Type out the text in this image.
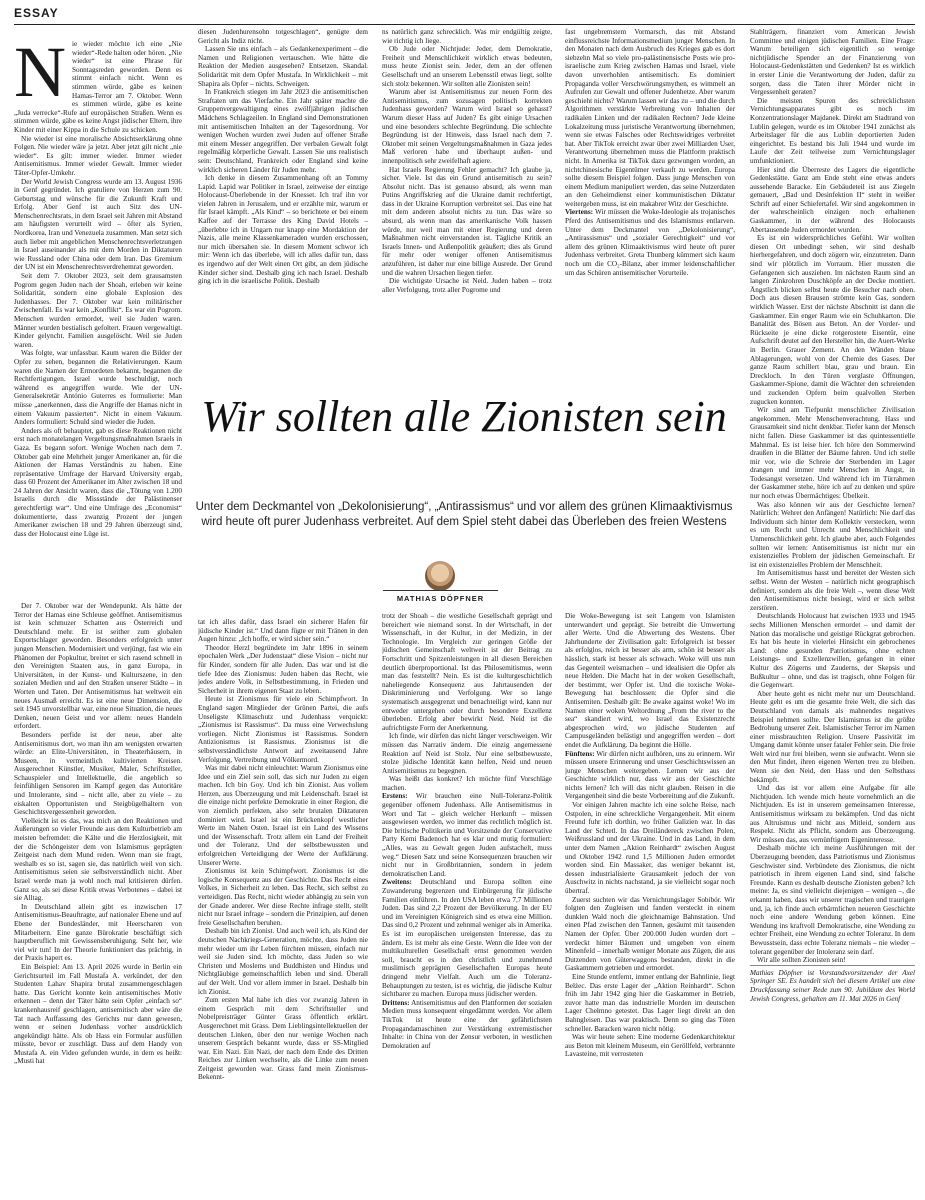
ESSAY
N ie wieder möchte ich eine „Nie wieder“-Rede halten oder hören. „Nie wieder“ ist eine Phrase für Sonntagsreden geworden. Denn es stimmt einfach nicht. Wenn es stimmen würde, gäbe es keinen Hamas-Terror am 7. Oktober. Wenn es stimmen würde, gäbe es keine „Juda verrecke“-Rufe auf europäischen Straßen. Wenn es stimmen würde, gäbe es keine Angst jüdischer Eltern, ihre Kinder mit einer Kippa in die Schule zu schicken.

Nie wieder ist eine moralische Absichtserklärung ohne Folgen. Nie wieder wäre ja jetzt. Aber jetzt gilt nicht „nie wieder“. Es gilt: immer wieder. Immer wieder Antisemitismus. Immer wieder Gewalt. Immer wieder Täter-Opfer-Umkehr.

Der World Jewish Congress wurde am 13. August 1936 in Genf gegründet. Ich gratuliere von Herzen zum 90. Geburtstag und wünsche für die Zukunft Kraft und Erfolg. Aber Genf ist auch Sitz des UN-Menschenrechtsrats, in dem Israel seit Jahren mit Abstand am häufigsten verurteilt wird – öfter als Syrien, Nordkorea, Iran und Venezuela zusammen. Man setzt sich auch lieber mit angeblichen Menschenrechtsverletzungen in Israel auseinander als mit dem Morden in Diktaturen wie Russland oder China oder dem Iran. Das Gremium der UN ist ein Menschenrechtsverdrehemrat geworden.

Seit dem 7. Oktober 2023, seit dem grausamsten Pogrom gegen Juden nach der Shoah, erleben wir keine Solidarität, sondern eine globale Explosion des Judenhasses. Der 7. Oktober war kein militärischer Zwischenfall. Es war kein „Konflikt“. Es war ein Pogrom. Menschen wurden ermordet, weil sie Juden waren. Männer wurden bestialisch gefoltert. Frauen vergewaltigt. Kinder gelyncht. Familien ausgelöscht. Weil sie Juden waren.

Was folgte, war unfassbar. Kaum waren die Bilder der Opfer zu sehen, begannen die Relativierungen. Kaum waren die Namen der Ermordeten bekannt, begannen die Rechtfertigungen. Israel wurde beschuldigt, noch während es angegriffen wurde. Wie der UN-Generalsekretär António Guterres es formulierte: Man müsse „anerkennen, dass die Angriffe der Hamas nicht in einem Vakuum passierten“. Nicht in einem Vakuum. Anders formuliert: Schuld sind wieder die Juden.

Anders als oft behauptet, gab es diese Reaktionen nicht erst nach monatelangen Vergeltungsmaßnahmen Israels in Gaza. Es begann sofort. Wenige Wochen nach dem 7. Oktober gab eine Mehrheit junger Amerikaner an, für die Aktionen der Hamas Verständnis zu haben. Eine repräsentative Umfrage der Harvard University ergab, dass 60 Prozent der Amerikaner im Alter zwischen 18 und 24 Jahren der Ansicht waren, dass die „Tötung von 1.200 Israelis durch die Missstände der Palästinenser gerechtfertigt war“. Und eine Umfrage des „Economist“ dokumentierte, dass zwanzig Prozent der jungen Amerikaner zwischen 18 und 29 Jahren überzeugt sind, dass der Holocaust eine Lüge ist.

diesen Judenhurensohn totgeschlagen“, genügte dem Gericht als Indiz nicht.

Lassen Sie uns einfach – als Gedankenexperiment – die Namen und Religionen vertauschen. Wie hätte die Reaktion der Medien ausgesehen? Entsetzen. Skandal. Solidarität mit dem Opfer Mustafa. In Wirklichkeit – mit Shapira als Opfer – nichts. Schweigen.

In Frankreich stiegen im Jahr 2023 die antisemitischen Straftaten um das Vierfache. Ein Jahr später machte die Gruppenvergewaltigung eines zwölfjährigen jüdischen Mädchens Schlagzeilen. In England sind Demonstrationen mit antisemitischen Inhalten an der Tagesordnung. Vor wenigen Wochen wurden zwei Juden auf offener Straße mit einem Messer angegriffen. Der verbalen Gewalt folgt regelmäßig körperliche Gewalt. Lassen Sie uns realistisch sein: Deutschland, Frankreich oder England sind keine wirklich sicheren Länder für Juden mehr.

Ich denke in diesem Zusammenhang oft an Tommy Lapid. Lapid war Politiker in Israel, zeitweise der einzige Holocaust-Überlebende in der Knesset. Ich traf ihn vor vielen Jahren in Jerusalem, und er erzählte mir, warum er für Israel kämpft. „Als Kind“ – so berichtete er bei einem Kaffee auf der Terrasse des King David Hotels – „überlebte ich in Ungarn nur knapp eine Mordaktion der Nazis, alle meine Klassenkameraden wurden erschossen, nur mich übersahen sie. In diesem Moment schwor ich mir: Wenn ich das überlebe, will ich alles dafür tun, dass es irgendwo auf der Welt einen Ort gibt, an dem jüdische Kinder sicher sind. Deshalb ging ich nach Israel. Deshalb ging ich in die israelische Politik. Deshalb

ns natürlich ganz schrecklich. Was mir endgültig zeigte, wie richtig ich liege.

Ob Jude oder Nichtjude: Jeder, dem Demokratie, Freiheit und Menschlichkeit wirklich etwas bedeuten, muss heute Zionist sein. Jeder, dem an der offenen Gesellschaft und an unserem Lebensstil etwas liegt, sollte sich stolz bekennen. Wir sollten alle Zionisten sein!

Warum aber ist Antisemitismus zur neuen Form des Antisemitismus, zum sozusagen politisch korrekten Judenhass geworden? Warum wird Israel so gehasst? Warum dieser Hass auf Juden? Es gibt einige Ursachen und eine besonders schlechte Begründung. Die schlechte Begründung ist der Hinweis, dass Israel nach dem 7. Oktober mit seinen Vergeltungsmaßnahmen in Gaza jedes Maß verloren habe und überhaupt außen- und innenpolitisch sehr zweifelhaft agiere.

Hat Israels Regierung Fehler gemacht? Ich glaube ja, sicher. Viele. Ist das ein Grund antisemitisch zu sein? Absolut nicht. Das ist genauso absurd, als wenn man Putins Angriffskrieg auf die Ukraine damit rechtfertigt, dass in der Ukraine Korruption verbreitet sei. Das eine hat mit dem anderen absolut nichts zu tun. Das wäre so absurd, als wenn man das amerikanische Volk hassen würde, nur weil man mit einer Regierung und deren Maßnahmen nicht einverstanden ist. Tägliche Kritik an Israels Innen- und Außenpolitik geäußert; dies als Grund für mehr oder weniger offenen Antisemitismus anzuführen, ist daher nur eine billige Ausrede. Der Grund und die wahren Ursachen liegen tiefer.

Die wichtigste Ursache ist Neid. Juden haben – trotz aller Verfolgung, trotz aller Pogrome und

fast ungebremstem Vormarsch, das mit Abstand einflussreichste Informationsmedium junger Menschen. In den Monaten nach dem Ausbruch des Krieges gab es dort siebzehn Mal so viele pro-palästinensische Posts wie pro-israelische zum Krieg zwischen Hamas und Israel, viele davon unverhohlen antisemitisch. Es dominiert Propaganda voller Verschwörungsmythen, es wimmelt an Aufrufen zur Gewalt und offener Judenhetze. Aber warum geschieht nichts? Warum lassen wir das zu – und die durch Algorithmen verstärkte Verbreitung von Inhalten der radikalen Linken und der radikalen Rechten? Jede kleine Lokalzeitung muss juristische Verantwortung übernehmen, wenn sie etwas Falsches oder Rechtswidriges verbreitet hat. Aber TikTok erreicht zwar über zwei Milliarden User, Verantwortung übernehmen muss die Plattform praktisch nicht. In Amerika ist TikTok dazu gezwungen worden, an nichtchinesische Eigentümer verkauft zu werden. Europa sollte diesem Beispiel folgen. Dass junge Menschen von einem Medium manipuliert werden, das seine Nutzerdaten an den Geheimdienst einer kommunistischen Diktatur weitergeben muss, ist ein makabrer Witz der Geschichte.

Viertens: Wir müssen die Woke-Ideologie als trojanisches Pferd des Antisemitismus und des Islamismus entlarven. Unter dem Deckmantel von „Dekolonisierung“, „Antirassismus“ und „sozialer Gerechtigkeit“ und vor allem des grünen Klimaaktivismus wird heute oft purer Judenhass verbreitet. Greta Thunberg kümmert sich kaum noch um die CO₂-Bilanz, aber immer leidenschaftlicher um das Schüren antisemitischer Vorurteile.

Stahlträgern, finanziert vom American Jewish Committee und einigen jüdischen Familien. Eine Frage: Warum beteiligen sich eigentlich so wenige nichtjüdische Spender an der Finanzierung von Holocaust-Gedenkstätten und Gedenken? Ist es wirklich in erster Linie die Verantwortung der Juden, dafür zu sorgen, dass die Taten ihrer Mörder nicht in Vergessenheit geraten?

Die meisten Spuren des schrecklichsten Vernichtungsapparates gibt es noch im Konzentrationslager Majdanek. Direkt am Stadtrand von Lublin gelegen, wurde es im Oktober 1941 zunächst als Arbeitslager für die aus Lublin deportierten Juden eingerichtet. Es bestand bis Juli 1944 und wurde im Laufe der Zeit teilweise zum Vernichtungslager umfunktioniert.

Hier sind die Überreste des Lagers die eigentliche Gedenkstätte. Ganz am Ende steht eine etwas anders aussehende Baracke. Ein Gebäudeteil ist aus Ziegeln gemauert, „Bad und Desinfektion II“ steht in weißer Schrift auf einer Schiefertafel. Wir sind angekommen in der wahrscheinlich einzigen noch erhaltenen Gaskammer, in der während des Holocausts Abertausende Juden ermordet wurden.

Es ist ein widersprüchliches Gefühl. Wir wollten diesen Ort unbedingt sehen, wir sind deshalb hierhergefahren, und doch zögern wir, einzutreten. Dann sind wir plötzlich im Vorraum. Hier mussten die Gefangenen sich ausziehen. Im nächsten Raum sind an langen Zinkrohren Duschköpfe an der Decke montiert. Ängstlich blicken selbst heute die Besucher nach oben. Doch aus diesen Brausen strömte kein Gas, sondern wirklich Wasser. Erst der nächste Abschnitt ist dann die Gaskammer. Ein enger Raum wie ein Schuhkarton. Die Banalität des Bösen aus Beton. An der Vorder- und Rückseite je eine dicke rotgerostete Eisentür, eine Aufschrift deutet auf den Hersteller hin, die Auert-Werke in Berlin. Grauer Zement. An den Wänden blaue Ablagerungen, wohl von der Chemie des Gases. Der ganze Raum schillert blau, grau und braun. Ein Dreckloch. In den Türen verglaste Öffnungen, Gaskammer-Spione, damit die Wächter den schreienden und zuckenden Opfern beim qualvollen Sterben zugucken konnten.

Wir sind am Tiefpunkt menschlicher Zivilisation angekommen. Mehr Menschenverachtung, Hass und Grausamkeit sind nicht denkbar. Tiefer kann der Mensch nicht fallen. Diese Gaskammer ist das quintessentielle Mahnmal. Es ist leise hier. Ich höre den Sommerwind draußen in die Blätter der Bäume fahren. Und ich stelle mir vor, wie die Schreie der Sterbenden im Lager drangen und immer mehr Menschen in Angst, in Todesangst versetzen. Und während ich im Türrahmen der Gaskammer stehe, höre ich auf zu denken und spüre nur noch etwas Übermächtiges: Übelkeit.

Was also können wir aus der Geschichte lernen? Natürlich: Wehret den Anfängen! Natürlich: Nie darf das Individuum sich hinter dem Kollektiv verstecken, wenn es um Recht und Unrecht und Menschlichkeit und Unmenschlichkeit geht. Ich glaube aber, auch Folgendes sollten wir lernen: Antisemitismus ist nicht nur ein existenzielles Problem der jüdischen Gemeinschaft. Er ist ein existenzielles Problem der Menschheit.

Im Antisemitismus hasst und bereitet der Westen sich selbst. Wenn der Westen – natürlich nicht geographisch definiert, sondern als die freie Welt –, wenn diese Welt den Antisemitismus nicht besiegt, wird er sich selbst zerstören.

Deutschlands Holocaust hat zwischen 1933 und 1945 sechs Millionen Menschen ermordet – und damit der Nation das moralische und geistige Rückgrat gebrochen. Es hat bis heute in vielerlei Hinsicht ein gebrochenes Land: ohne gesunden Patriotismus, ohne echten Leistungs- und Exzellenzwillen, gefangen in einer Kultur des Zögerns und Zauderns, der Skepsis und Bußkultur – ohne, und das ist tragisch, ohne Folgen für die Gegenwart.

Aber heute geht es nicht mehr nur um Deutschland. Heute geht es um die gesamte freie Welt, die sich das Deutschland von damals als mahnendes negatives Beispiel nehmen sollte. Der Islamismus ist die größte Bedrohung unserer Zeit. Islamistischer Terror im Namen einer missbrauchten Religion. Unsere Passivität im Umgang damit könnte unser fataler Fehler sein. Die freie Welt wird nur frei bleiben, wenn sie aufwacht. Wenn sie den Mut findet, ihren eigenen Werten treu zu bleiben. Wenn sie den Neid, den Hass und den Selbsthass bekämpft.

Und das ist vor allem eine Aufgabe für alle Nichtjuden. Ich wende mich heute vornehmlich an die Nichtjuden. Es ist in unserem gemeinsamen Interesse, Antisemitismus wirksam zu bekämpfen. Und das nicht aus Altruismus und nicht aus Mitleid, sondern aus Respekt. Nicht als Pflicht, sondern aus Überzeugung. Wir müssen das, aus vernünftigem Eigeninteresse.

Deshalb möchte ich meine Ausführungen mit der Überzeugung beenden, dass Patriotismus und Zionismus Geschwister sind. Verbündete des Zionismus, die nicht patriotisch in ihrem eigenen Land sind, sind falsche Freunde. Kann es deshalb deutsche Zionisten geben? Ich meine: Ja, es sind vielleicht diejenigen – wenigen –, die erkannt haben, dass wir unserer tragischen und traurigen und, ja, ich finde auch erbärmlichen neueren Geschichte noch eine andere Wendung geben können. Eine Wendung ins kraftvoll Demokratische, eine Wendung zu echter Freiheit, eine Wendung zu echter Toleranz. In dem Bewusstsein, dass echte Toleranz niemals – nie wieder – tolerant gegenüber der Intoleranz sein darf.

Wir alle sollten Zionisten sein!

Mathias Döpfner ist Vorstandsvorsitzender der Axel Springer SE. Es handelt sich bei diesem Artikel um eine Druckfassung seiner Rede zum 90. Jubiläum des World Jewish Congress, gehalten am 11. Mai 2026 in Genf

Wir sollten alle Zionisten sein
Unter dem Deckmantel von „Dekolonisierung“, „Antirassismus“ und vor allem des grünen Klimaaktivismus wird heute oft purer Judenhass verbreitet. Auf dem Spiel steht dabei das Überleben des freien Westens
MATHIAS DÖPFNER

Der 7. Oktober war der Wendepunkt. Als hätte der Terror der Hamas eine Schleuse geöffnet. Antisemitismus ist kein schmuzer Schatten aus Österreich und Deutschland mehr. Er ist seither zum globalen Exportschlager geworden. Besonders erfolgreich unter jungen Menschen. Modernisiert und verjüngt, fast wie ein Phänomen der Popkultur, breitet er sich rasend schnell in den Vereinigten Staaten aus, in ganz Europa, in Universitäten, in der Kunst- und Kulturszene, in den sozialen Medien und auf den Straßen unserer Städte – in Worten und Taten. Der Antisemitismus hat weltweit ein neues Ausmaß erreicht. Es ist eine neue Dimension, die seit 1945 unvorstellbar war, eine neue Situation, die neues Denken, neuen Geist und vor allem: neues Handeln erfordert.

Besonders perfide ist der neue, aber alte Antisemitismus dort, wo man ihn am wenigsten erwarten würde: an Elite-Universitäten, in Theaterhäusern, in Museen, in vermeintlich kultivierten Kreisen. Ausgerechnet Künstler, Musiker, Maler, Schriftsteller, Schauspieler und Intellektuelle, die angeblich so feinfühligen Sensoren im Kampf gegen das Autoritäre und Intolerante, sind – nicht alle, aber zu viele – zu eiskalten Opportunisten und Steigbügelhaltern von Geschichtsvergessenheit geworden.

Vielleicht ist es das, was mich an den Reaktionen und Äußerungen so vieler Freunde aus dem Kulturbetrieb am meisten befremdet: die Kälte und die Herzlosigkeit, mit der die Schöngeister dem von Islamismus geprägten Zeitgeist nach dem Mund reden. Wenn man sie fragt, weshalb es so ist, sagen sie, das natürlich weil von sich. Antisemitismus seien sie selbstverständlich nicht. Aber Israel werde man ja wohl noch mal kritisieren dürfen. Ganz so, als sei diese Kritik etwas Verbotenes – dabei ist sie Alltag.

In Deutschland allein gibt es inzwischen 17 Antisemitismus-Beauftragte, auf nationaler Ebene und auf Ebene der Bundesländer, mit Heerscharen von Mitarbeitern. Eine ganze Bürokratie beschäftigt sich hauptberuflich mit Gewissensberuhigung. Seht her, wie viel wir tun! In der Theorie funktioniert das prächtig, in der Praxis hapert es.

Ein Beispiel: Am 13. April 2026 wurde in Berlin ein Gerichtsurteil im Fall Mustafa A. verkündet, der den Studenten Lahav Shapira brutal zusammengeschlagen hatte. Das Gericht konnte kein antisemitisches Motiv erkennen – denn der Täter hätte sein Opfer „einfach so“ krankenhausreif geschlagen, antisemitisch aber wäre die Tat nach Auffassung des Gerichts nur dann gewesen, wenn er seinen Judenhass vorher ausdrücklich angekündigt hätte. Als ob Hass ein Formular ausfüllen müsste, bevor er zuschlägt. Dass auf dem Handy von Mustafa A. ein Video gefunden wurde, in dem es heißt: „Musti hat

tat ich alles dafür, dass Israel ein sicherer Hafen für jüdische Kinder ist.“ Und dann fügte er mit Tränen in den Augen hinzu: „Ich hoffe, er wird sicher sein.“

Theodor Herzl begründete im Jahr 1896 in seinem epochalen Werk „Der Judenstaat“ diese Vision – nicht nur für Kinder, sondern für alle Juden. Das war und ist die tiefe Idee des Zionismus: Juden haben das Recht, wie jedes andere Volk, in Selbstbestimmung, in Frieden und Sicherheit in ihrem eigenen Staat zu leben.

Heute ist Zionismus für viele ein Schimpfwort. In England sagen Mitglieder der Grünen Partei, die aufs Unseligste Klimaschutz und Judenhass verquickt: „Zionismus ist Rassismus“. Da muss eine Verwechslung vorliegen. Nicht Zionismus ist Rassismus. Sondern Antizionismus ist Rassismus. Zionismus ist die selbstverständlichste Antwort auf zweitausend Jahre Verfolgung, Vertreibung und Völkermord.

Was mir dabei nicht einleuchtet: Warum Zionismus eine Idee und ein Ziel sein soll, das sich nur Juden zu eigen machen. Ich bin Goy. Und ich bin Zionist. Aus vollem Herzen, aus Überzeugung und mit Leidenschaft. Israel ist die einzige nicht perfekte Demokratie in einer Region, die von ziemlich perfekten, also sehr brutalen Diktaturen dominiert wird. Israel ist ein Brückenkopf westlicher Werte im Nahen Osten. Israel ist ein Land des Wissens und der Wissenschaft. Trotz allem ein Land der Freiheit und der Toleranz. Und der selbstbewussten und erfolgreichen Verteidigung der Werte der Aufklärung. Unserer Werte.

Zionismus ist kein Schimpfwort. Zionismus ist die logische Konsequenz aus der Geschichte. Das Recht eines Volkes, in Sicherheit zu leben. Das Recht, sich selbst zu verteidigen. Das Recht, nicht wieder abhängig zu sein von der Gnade anderer. Wer diese Rechte infrage stellt, stellt nicht nur Israel infrage – sondern die Prinzipien, auf denen freie Gesellschaften beruhen.

Deshalb bin ich Zionist. Und auch weil ich, als Kind der deutschen Nachkriegs-Generation, möchte, dass Juden nie mehr wieder um ihr Leben fürchten müssen, einfach nur weil sie Juden sind. Ich möchte, dass Juden so wie Christen und Moslems und Buddhisten und Hindus und Nichtgläubige gemeinschaftlich leben und sind. Überall auf der Welt. Und vor allem immer in Israel. Deshalb bin ich Zionist.

Zum ersten Mal habe ich dies vor zwanzig Jahren in einem Gespräch mit dem Schriftsteller und Nobelpreisträger Günter Grass öffentlich erklärt. Ausgerechnet mit Grass. Dem Lieblingsintellektuellen der deutschen Linken, über den nur wenige Wochen nach unserem Gespräch bekannt wurde, dass er SS-Mitglied war. Ein Nazi. Ein Nazi, der nach dem Ende des Dritten Reiches zur Linken wechselte, als die Linke zum neuen Zeitgeist geworden war. Grass fand mein Zionismus-Bekennt-

trotz der Shoah – die westliche Gesellschaft geprägt und bereichert wie niemand sonst. In der Wirtschaft, in der Wissenschaft, in der Kultur, in der Medizin, in der Technologie. Im Vergleich zur geringen Größe der jüdischen Gemeinschaft weltweit ist der Beitrag zu Fortschritt und Spitzenleistungen in all diesen Bereichen deutlich überproportional. Ist das Philosemitismus, wenn man das feststellt? Nein. Es ist die kulturgeschichtlich naheliegende Konsequenz aus Jahrtausenden der Diskriminierung und Verfolgung. Wer so lange systematisch ausgegrenzt und benachteiligt wird, kann nur entweder untergehen oder durch besondere Exzellenz überleben. Erfolg aber bewirkt Neid. Neid ist die aufrichtigste Form der Anerkennung.

Ich finde, wir dürfen das nicht länger verschweigen. Wir müssen das Narrativ ändern. Die einzig angemessene Reaktion auf Neid ist Stolz. Nur eine selbstbewusste, stolze jüdische Identität kann helfen, Neid und neuen Antisemitismus zu begegnen.

Was heißt das konkret? Ich möchte fünf Vorschläge machen.

Erstens: Wir brauchen eine Null-Toleranz-Politik gegenüber offenem Judenhass. Alle Antisemitismus in Wort und Tat – gleich welcher Herkunft – müssen ausgewiesen werden, wo immer das rechtlich möglich ist. Die britische Politikerin und Vorsitzende der Conservative Party Kemi Badenoch hat es klar und mutig formuliert: „Alles, was zu Gewalt gegen Juden aufstachelt, muss weg.“ Diesen Satz und seine Konsequenzen brauchen wir nicht nur in Großbritannien, sondern in jedem demokratischen Land.

Zweitens: Deutschland und Europa sollten eine Zuwanderung begrenzen und Einbürgerung für jüdische Familien einführen. In den USA leben etwa 7,7 Millionen Juden. Das sind 2,2 Prozent der Bevölkerung. In der EU und im Vereinigten Königreich sind es etwa eine Million. Das sind 0,2 Prozent und zehnmal weniger als in Amerika. Es ist im europäischen ureigensten Interesse, das zu ändern. Es ist mehr als eine Geste. Wenn die Idee von der multikulturellen Gesellschaft ernst genommen werden soll, braucht es in den christlich und zunehmend muslimisch geprägten Gesellschaften Europas heute dringend mehr Vielfalt. Auch um die Toleranz-Behauptungen zu testen, ist es wichtig, die jüdische Kultur sichtbarer zu machen. Europa muss jüdischer werden.

Drittens: Antisemitismus auf den Plattformen der sozialen Medien muss konsequent eingedämmt werden. Vor allem TikTok ist heute eine der gefährlichsten Propagandamaschinen zur Verstärkung extremistischer Inhalte: in China von der Zensur verboten, in westlichen Demokratien auf

Die Woke-Bewegung ist seit Langem von Islamisten unterwandert und geprägt. Sie betreibt die Umwertung aller Werte. Und die Abwertung des Westens. Über Jahrhunderte der Zivilisation galt: Erfolgreich ist besser als erfolglos, reich ist besser als arm, schön ist besser als hässlich, stark ist besser als schwach. Woke will uns nun das Gegenteil weismachen – und idealisiert die Opfer als neue Helden. Die Macht hat in der woken Gesellschaft, der bestimmt, wer Opfer ist. Und die toxische Woke-Bewegung hat beschlossen: die Opfer sind die Antisemiten. Deshalb gilt: Be awake against woke! Wo im Namen einer woken Weltordnung „From the river to the sea“ skandiert wird, wo Israel das Existenzrecht abgesprochen wird, wo jüdische Studenten auf Campusgeländen belästigt und angegriffen werden – dort endet die Aufklärung. Da beginnt die Hölle.

Fünftens: Wir dürfen nicht aufhören, uns zu erinnern. Wir müssen unsere Erinnerung und unser Geschichtswissen an junge Menschen weitergeben. Lernen wir aus der Geschichte wirklich nur, dass wir aus der Geschichte nichts lernen? Ich will das nicht glauben. Reisen in die Vergangenheit sind die beste Vorbereitung auf die Zukunft.

Vor einigen Jahren machte ich eine solche Reise, nach Ostpolen, in eine schreckliche Vergangenheit. Mit einem Freund fuhr ich dorthin, wo früher Galizien war. In das Land der Schtetl. In das Dreiländereck zwischen Polen, Weißrussland und der Ukraine. Und in das Land, in dem unter dem Namen „Aktion Reinhardt“ zwischen August und Oktober 1942 rund 1,5 Millionen Juden ermordet worden sind. Ein Massaker, das weniger bekannt ist, dessen industrialisierte Grausamkeit jedoch der von Auschwitz in nichts nachstand, ja sie vielleicht sogar noch übertraf.

Zuerst suchten wir das Vernichtungslager Sobibór. Wir folgten den Zugleisen und fanden versteckt in einem dunklen Wald noch die gleichnamige Bahnstation. Und einen Pfad zwischen den Tannen, gesäumt mit tausenden Namen der Opfer. Über 200.000 Juden wurden dort – verdeckt hinter Bäumen und umgeben von einem Minenfeld – innerhalb weniger Monate aus Zügen, die aus Dutzenden von Güterwaggons bestanden, direkt in die Gaskammern getrieben und ermordet.

Eine Stunde entfernt, immer entlang der Bahnlinie, liegt Bełżec. Das erste Lager der „Aktion Reinhardt“. Schon früh im Jahr 1942 ging hier die Gaskammer in Betrieb, zuvor hatte man das industrielle Morden im deutschen Lager Chełmno getestet. Das Lager liegt direkt an den Bahngleisen. Das war praktisch. Denn so ging das Töten schneller. Baracken waren nicht nötig.

Was wir heute sehen: Eine moderne Gedenkarchitektur aus Beton mit kleinem Museum, ein Geröllfeld, verbrannte Lavasteine, mit verrosteten
